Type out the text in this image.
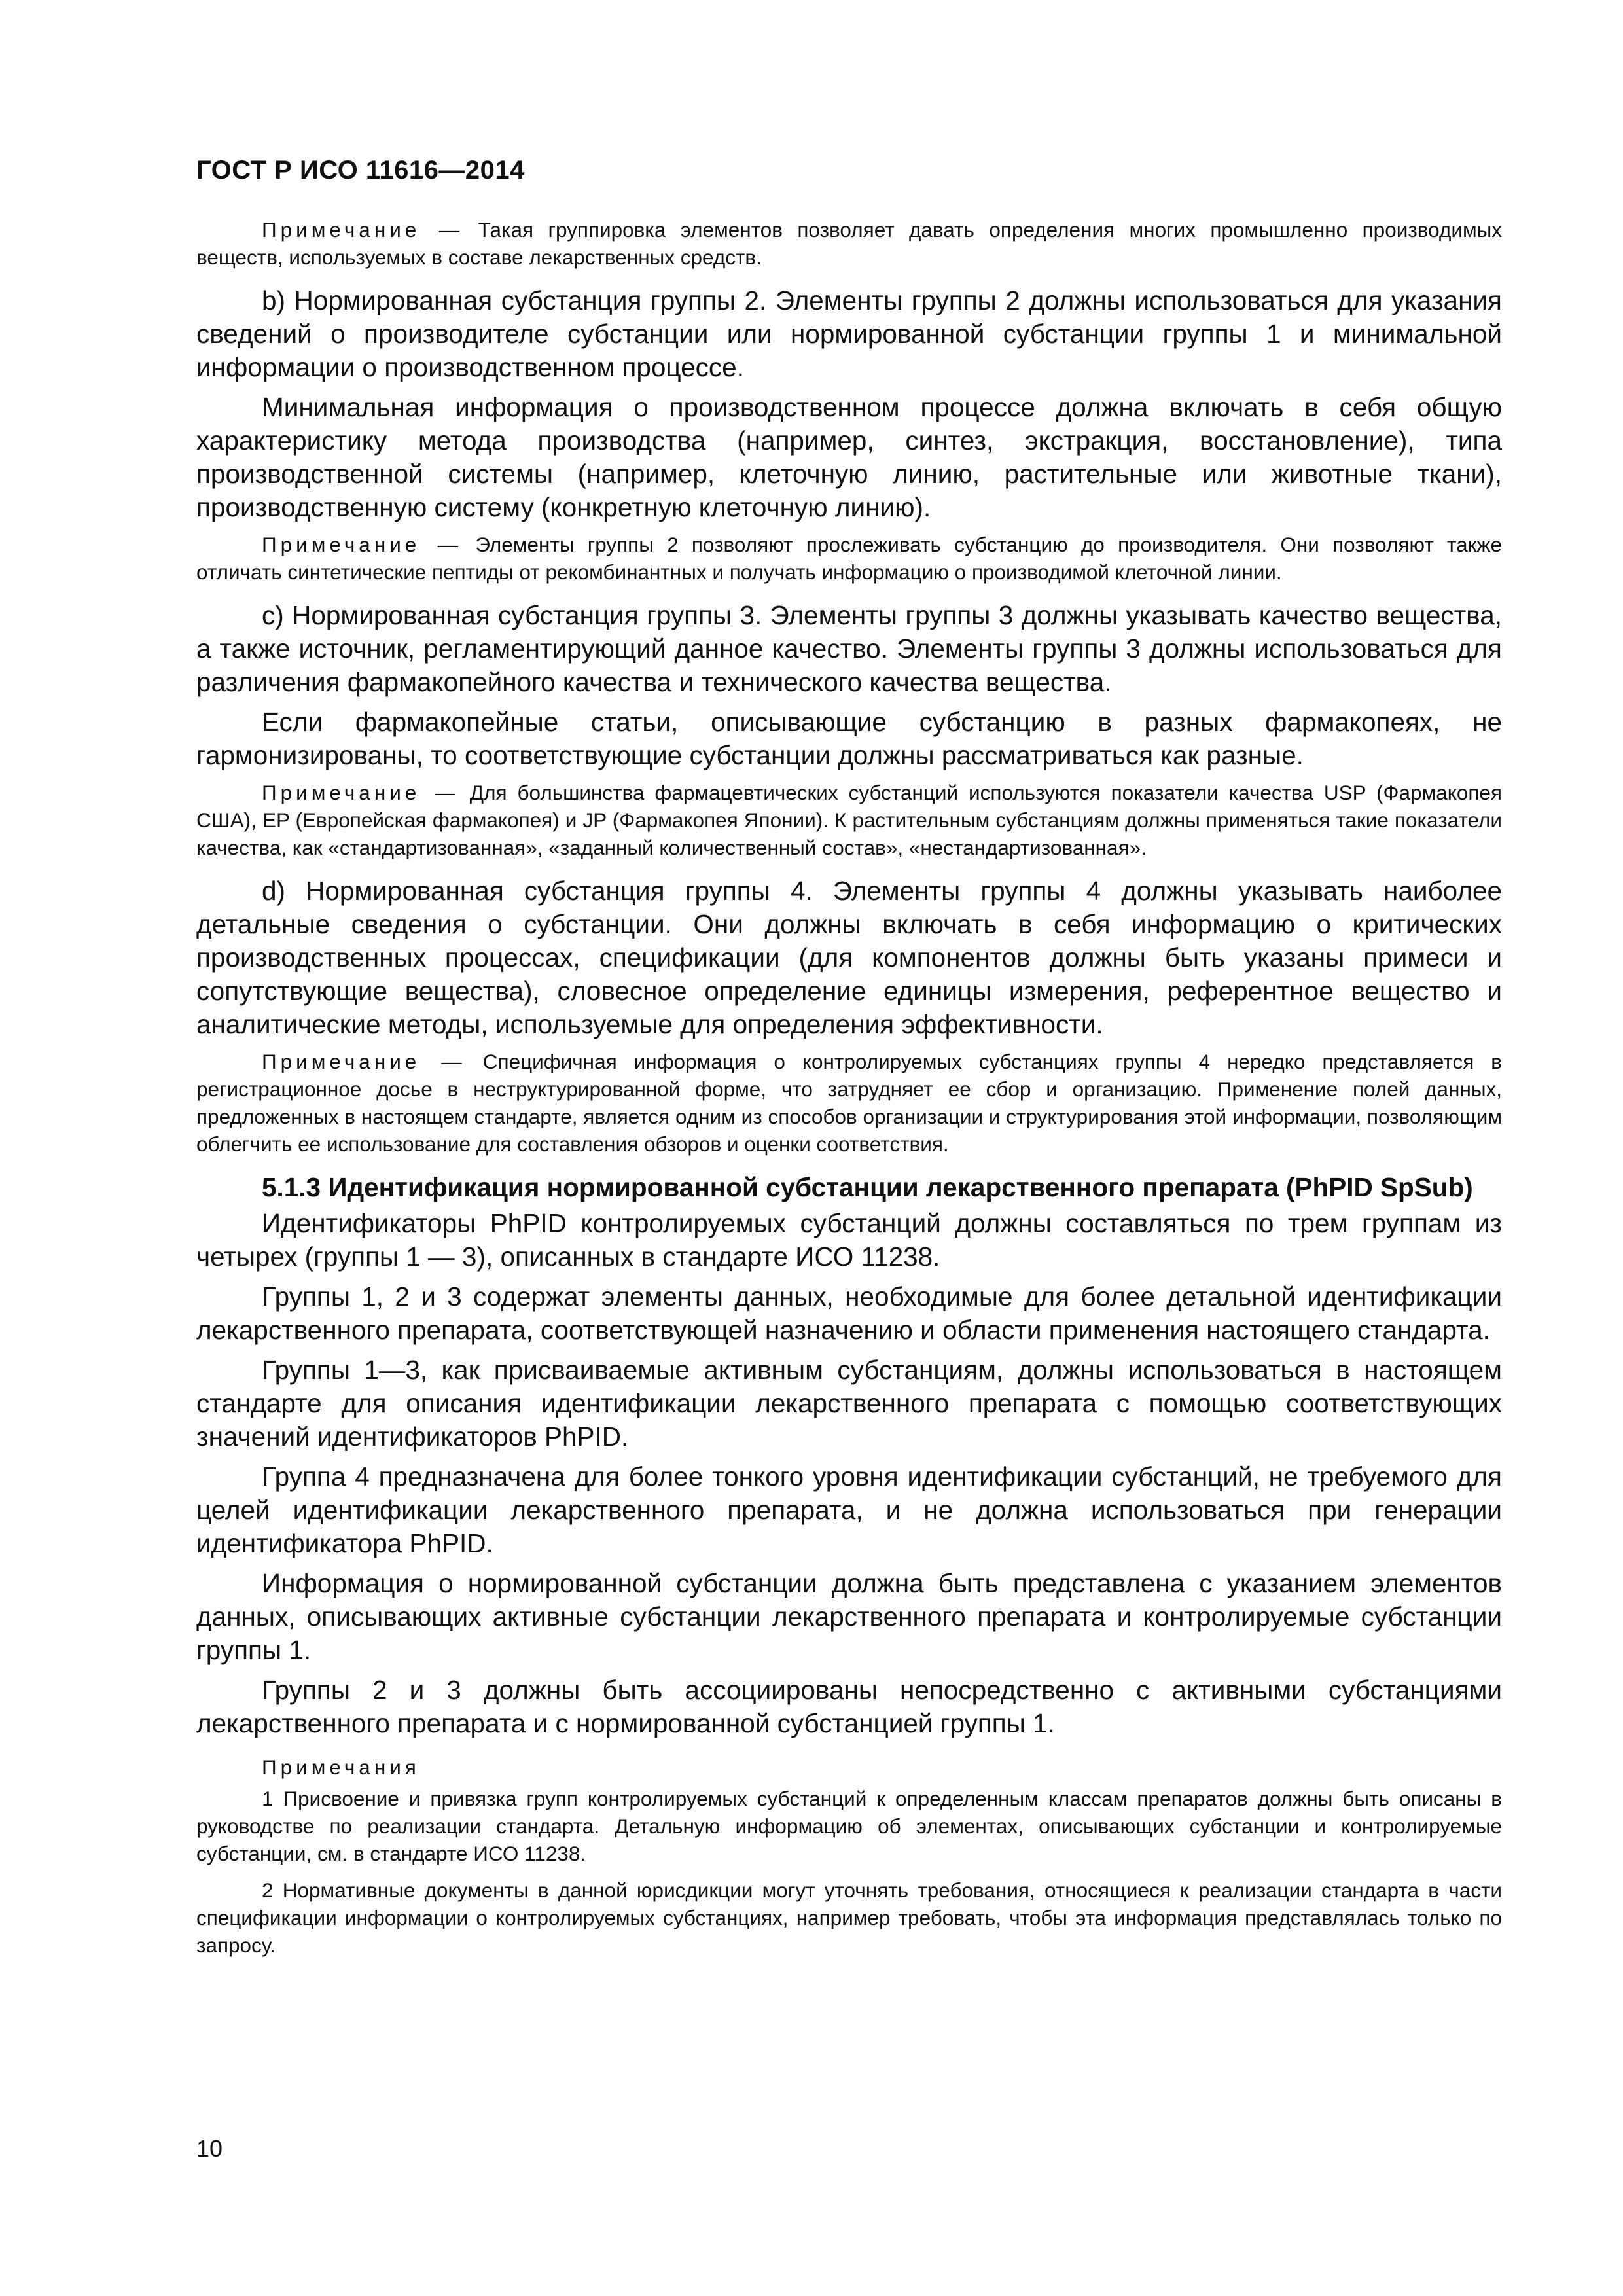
ГОСТ Р ИСО 11616—2014

Примечание — Такая группировка элементов позволяет давать определения многих промышленно производимых веществ, используемых в составе лекарственных средств.

b) Нормированная субстанция группы 2. Элементы группы 2 должны использоваться для указания сведений о производителе субстанции или нормированной субстанции группы 1 и минимальной информации о производственном процессе.

Минимальная информация о производственном процессе должна включать в себя общую характеристику метода производства (например, синтез, экстракция, восстановление), типа производственной системы (например, клеточную линию, растительные или животные ткани), производственную систему (конкретную клеточную линию).

Примечание — Элементы группы 2 позволяют прослеживать субстанцию до производителя. Они позволяют также отличать синтетические пептиды от рекомбинантных и получать информацию о производимой клеточной линии.

c) Нормированная субстанция группы 3. Элементы группы 3 должны указывать качество вещества, а также источник, регламентирующий данное качество. Элементы группы 3 должны использоваться для различения фармакопейного качества и технического качества вещества.

Если фармакопейные статьи, описывающие субстанцию в разных фармакопеях, не гармонизированы, то соответствующие субстанции должны рассматриваться как разные.

Примечание — Для большинства фармацевтических субстанций используются показатели качества USP (Фармакопея США), EP (Европейская фармакопея) и JP (Фармакопея Японии). К растительным субстанциям должны применяться такие показатели качества, как «стандартизованная», «заданный количественный состав», «нестандартизованная».

d) Нормированная субстанция группы 4. Элементы группы 4 должны указывать наиболее детальные сведения о субстанции. Они должны включать в себя информацию о критических производственных процессах, спецификации (для компонентов должны быть указаны примеси и сопутствующие вещества), словесное определение единицы измерения, референтное вещество и аналитические методы, используемые для определения эффективности.

Примечание — Специфичная информация о контролируемых субстанциях группы 4 нередко представляется в регистрационное досье в неструктурированной форме, что затрудняет ее сбор и организацию. Применение полей данных, предложенных в настоящем стандарте, является одним из способов организации и структурирования этой информации, позволяющим облегчить ее использование для составления обзоров и оценки соответствия.

5.1.3 Идентификация нормированной субстанции лекарственного препарата (PhPID SpSub)

Идентификаторы PhPID контролируемых субстанций должны составляться по трем группам из четырех (группы 1 — 3), описанных в стандарте ИСО 11238.

Группы 1, 2 и 3 содержат элементы данных, необходимые для более детальной идентификации лекарственного препарата, соответствующей назначению и области применения настоящего стандарта.

Группы 1—3, как присваиваемые активным субстанциям, должны использоваться в настоящем стандарте для описания идентификации лекарственного препарата с помощью соответствующих значений идентификаторов PhPID.

Группа 4 предназначена для более тонкого уровня идентификации субстанций, не требуемого для целей идентификации лекарственного препарата, и не должна использоваться при генерации идентификатора PhPID.

Информация о нормированной субстанции должна быть представлена с указанием элементов данных, описывающих активные субстанции лекарственного препарата и контролируемые субстанции группы 1.

Группы 2 и 3 должны быть ассоциированы непосредственно с активными субстанциями лекарственного препарата и с нормированной субстанцией группы 1.

Примечания

1 Присвоение и привязка групп контролируемых субстанций к определенным классам препаратов должны быть описаны в руководстве по реализации стандарта. Детальную информацию об элементах, описывающих субстанции и контролируемые субстанции, см. в стандарте ИСО 11238.

2 Нормативные документы в данной юрисдикции могут уточнять требования, относящиеся к реализации стандарта в части спецификации информации о контролируемых субстанциях, например требовать, чтобы эта информация представлялась только по запросу.

10
